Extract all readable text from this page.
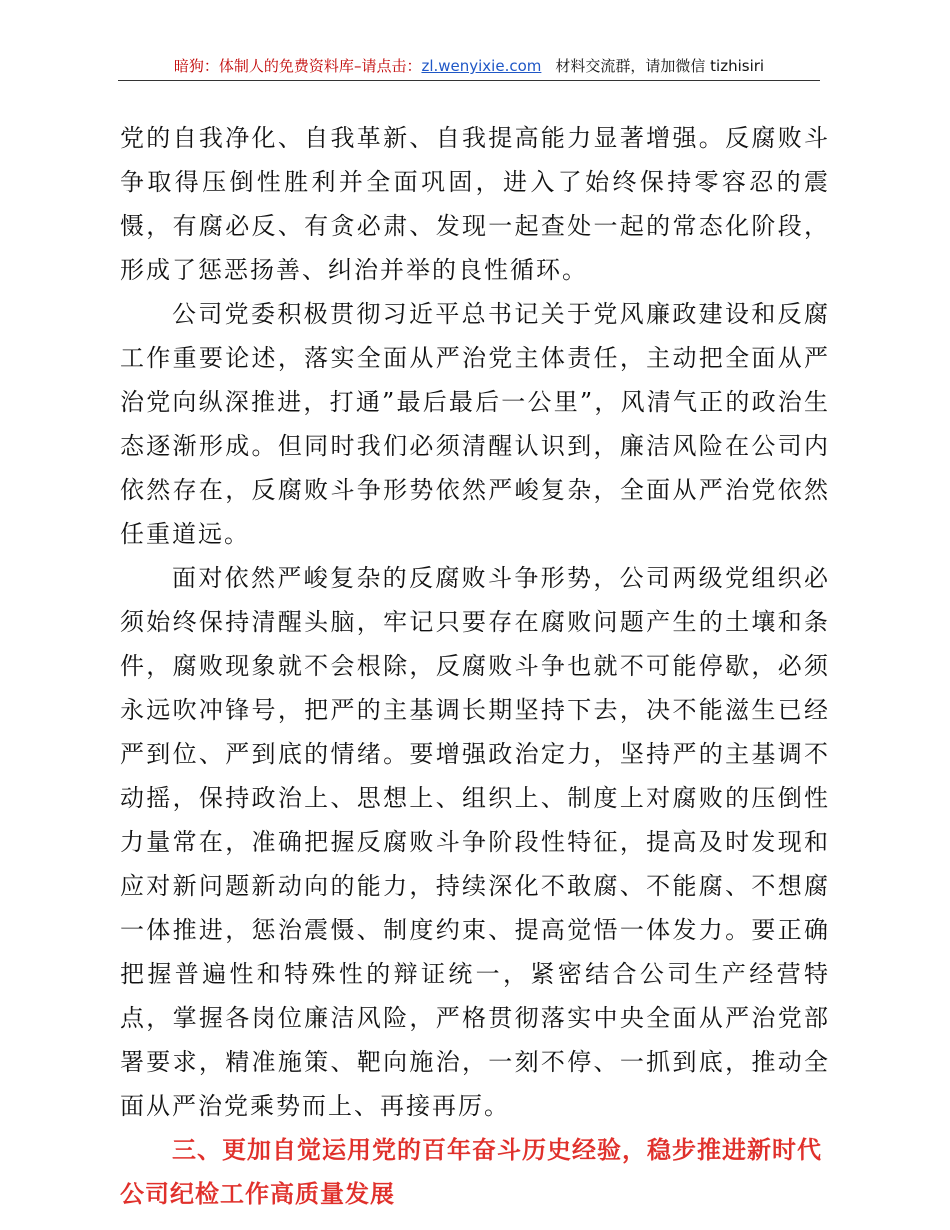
暗狗：体制人的免费资料库–请点击：zl.wenyixie.com 材料交流群，请加微信 tizhisiri

党的自我净化、自我革新、自我提高能力显著增强。反腐败斗争取得压倒性胜利并全面巩固，进入了始终保持零容忍的震慑，有腐必反、有贪必肃、发现一起查处一起的常态化阶段，形成了惩恶扬善、纠治并举的良性循环。

公司党委积极贯彻习近平总书记关于党风廉政建设和反腐工作重要论述，落实全面从严治党主体责任，主动把全面从严治党向纵深推进，打通”最后最后一公里”，风清气正的政治生态逐渐形成。但同时我们必须清醒认识到，廉洁风险在公司内依然存在，反腐败斗争形势依然严峻复杂，全面从严治党依然任重道远。

面对依然严峻复杂的反腐败斗争形势，公司两级党组织必须始终保持清醒头脑，牢记只要存在腐败问题产生的土壤和条件，腐败现象就不会根除，反腐败斗争也就不可能停歇，必须永远吹冲锋号，把严的主基调长期坚持下去，决不能滋生已经严到位、严到底的情绪。要增强政治定力，坚持严的主基调不动摇，保持政治上、思想上、组织上、制度上对腐败的压倒性力量常在，准确把握反腐败斗争阶段性特征，提高及时发现和应对新问题新动向的能力，持续深化不敢腐、不能腐、不想腐一体推进，惩治震慑、制度约束、提高觉悟一体发力。要正确把握普遍性和特殊性的辩证统一，紧密结合公司生产经营特点，掌握各岗位廉洁风险，严格贯彻落实中央全面从严治党部署要求，精准施策、靶向施治，一刻不停、一抓到底，推动全面从严治党乘势而上、再接再厉。

三、更加自觉运用党的百年奋斗历史经验，稳步推进新时代公司纪检工作高质量发展
